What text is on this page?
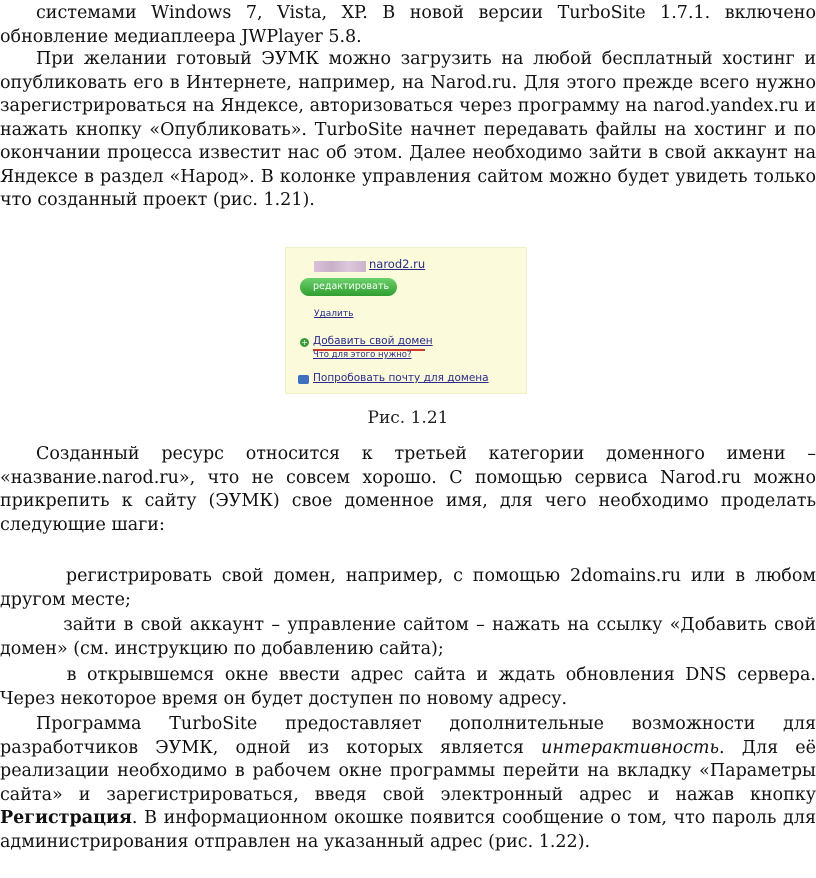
системами Windows 7, Vista, XP. В новой версии TurboSite 1.7.1. включено обновление медиаплеера JWPlayer 5.8.

При желании готовый ЭУМК можно загрузить на любой бесплатный хостинг и опубликовать его в Интернете, например, на Narod.ru. Для этого прежде всего нужно зарегистрироваться на Яндексе, авторизоваться через программу на narod.yandex.ru и нажать кнопку «Опубликовать». TurboSite начнет передавать файлы на хостинг и по окончании процесса известит нас об этом. Далее необходимо зайти в свой аккаунт на Яндексе в раздел «Народ». В колонке управления сайтом можно будет увидеть только что созданный проект (рис. 1.21).

narod2.ru
редактировать
Удалить
+ Добавить свой домен
Что для этого нужно?
Попробовать почту для домена
Рис. 1.21

Созданный ресурс относится к третьей категории доменного имени – «название.narod.ru», что не совсем хорошо. С помощью сервиса Narod.ru можно прикрепить к сайту (ЭУМК) свое доменное имя, для чего необходимо проделать следующие шаги:

регистрировать свой домен, например, с помощью 2domains.ru или в любом другом месте;

зайти в свой аккаунт – управление сайтом – нажать на ссылку «Добавить свой домен» (см. инструкцию по добавлению сайта);

в открывшемся окне ввести адрес сайта и ждать обновления DNS сервера. Через некоторое время он будет доступен по новому адресу.

Программа TurboSite предоставляет дополнительные возможности для разработчиков ЭУМК, одной из которых является интерактивность. Для её реализации необходимо в рабочем окне программы перейти на вкладку «Параметры сайта» и зарегистрироваться, введя свой электронный адрес и нажав кнопку Регистрация. В информационном окошке появится сообщение о том, что пароль для администрирования отправлен на указанный адрес (рис. 1.22).
